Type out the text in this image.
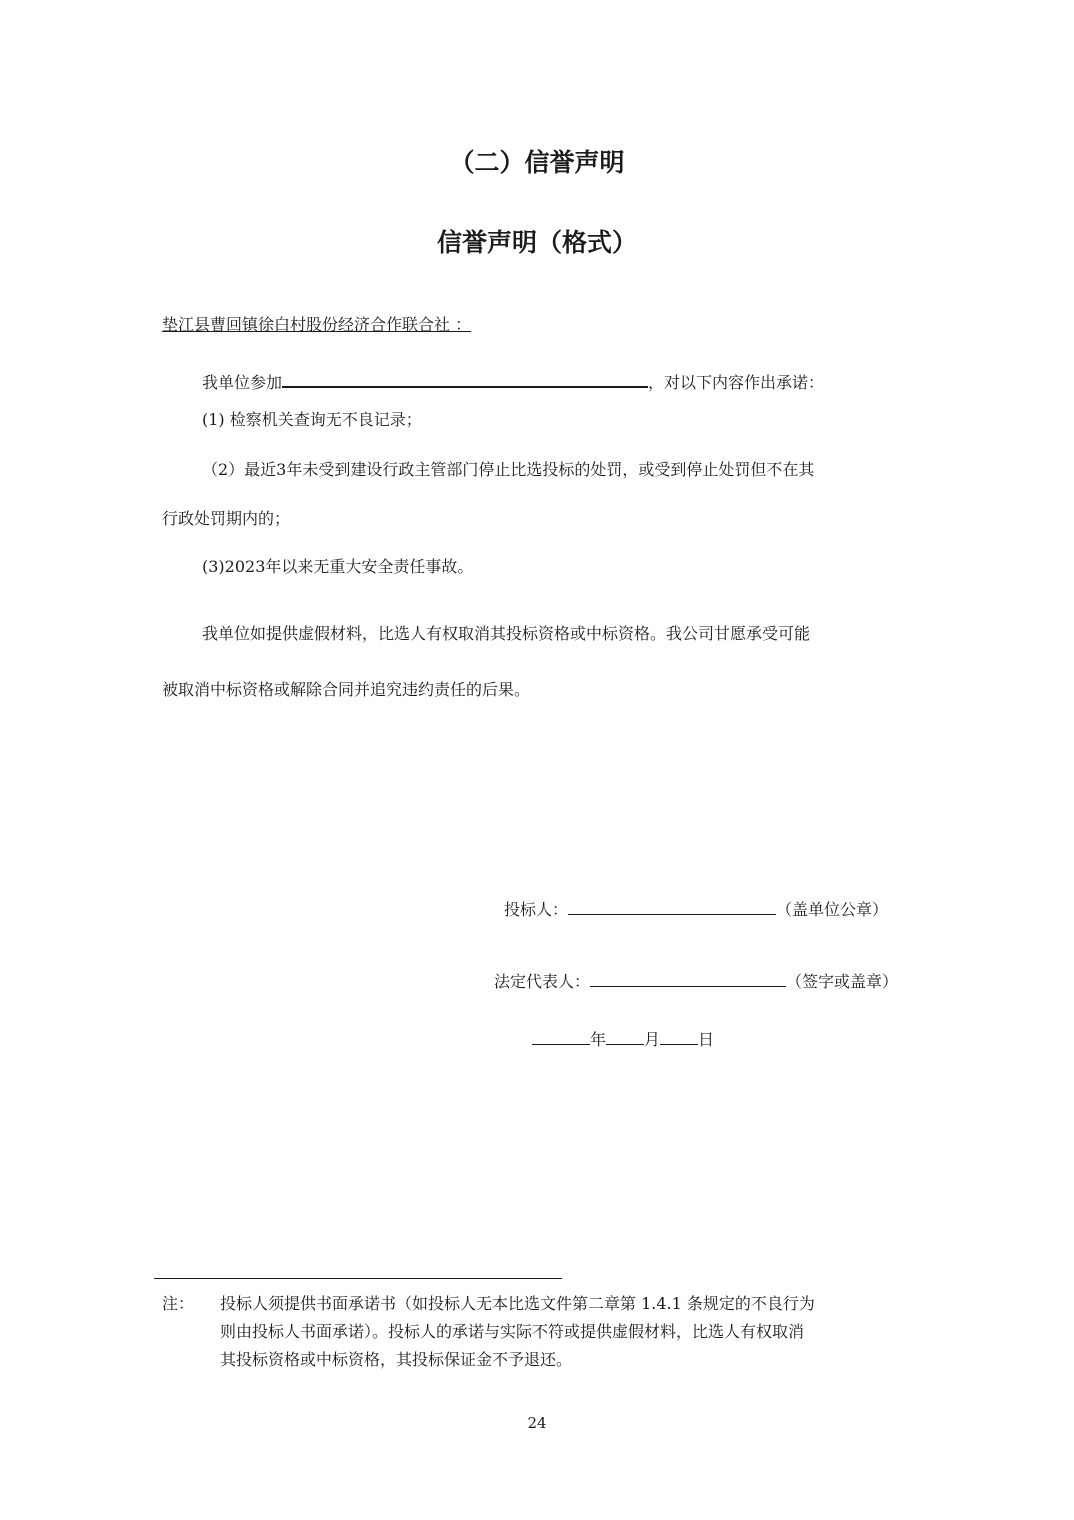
（二）信誉声明
信誉声明（格式）
垫江县曹回镇徐白村股份经济合作联合社 ：
我单位参加	，对以下内容作出承诺：
(1) 检察机关查询无不良记录；
（2）最近3年未受到建设行政主管部门停止比选投标的处罚，或受到停止处罚但不在其
行政处罚期内的；
(3)2023年以来无重大安全责任事故。
我单位如提供虚假材料，比选人有权取消其投标资格或中标资格。我公司甘愿承受可能
被取消中标资格或解除合同并追究违约责任的后果。
投标人：	（盖单位公章）
法定代表人：	（签字或盖章）
年 月 日
注： 投标人须提供书面承诺书（如投标人无本比选文件第二章第 1.4.1 条规定的不良行为
则由投标人书面承诺）。投标人的承诺与实际不符或提供虚假材料，比选人有权取消
其投标资格或中标资格，其投标保证金不予退还。
24
